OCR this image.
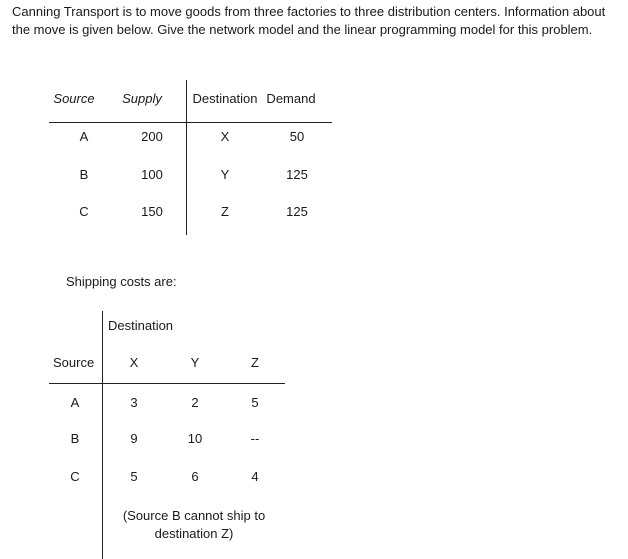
Canning Transport is to move goods from three factories to three distribution centers. Information about the move is given below. Give the network model and the linear programming model for this problem.
Source Supply Destination Demand
A	200	X	50
B	100	Y	125
C	150	Z	125
Shipping costs are:
Destination
Source	X	Y	Z
A	3	2	5
B	9	10	--
C	5	6	4
(Source B cannot ship to destination Z)
